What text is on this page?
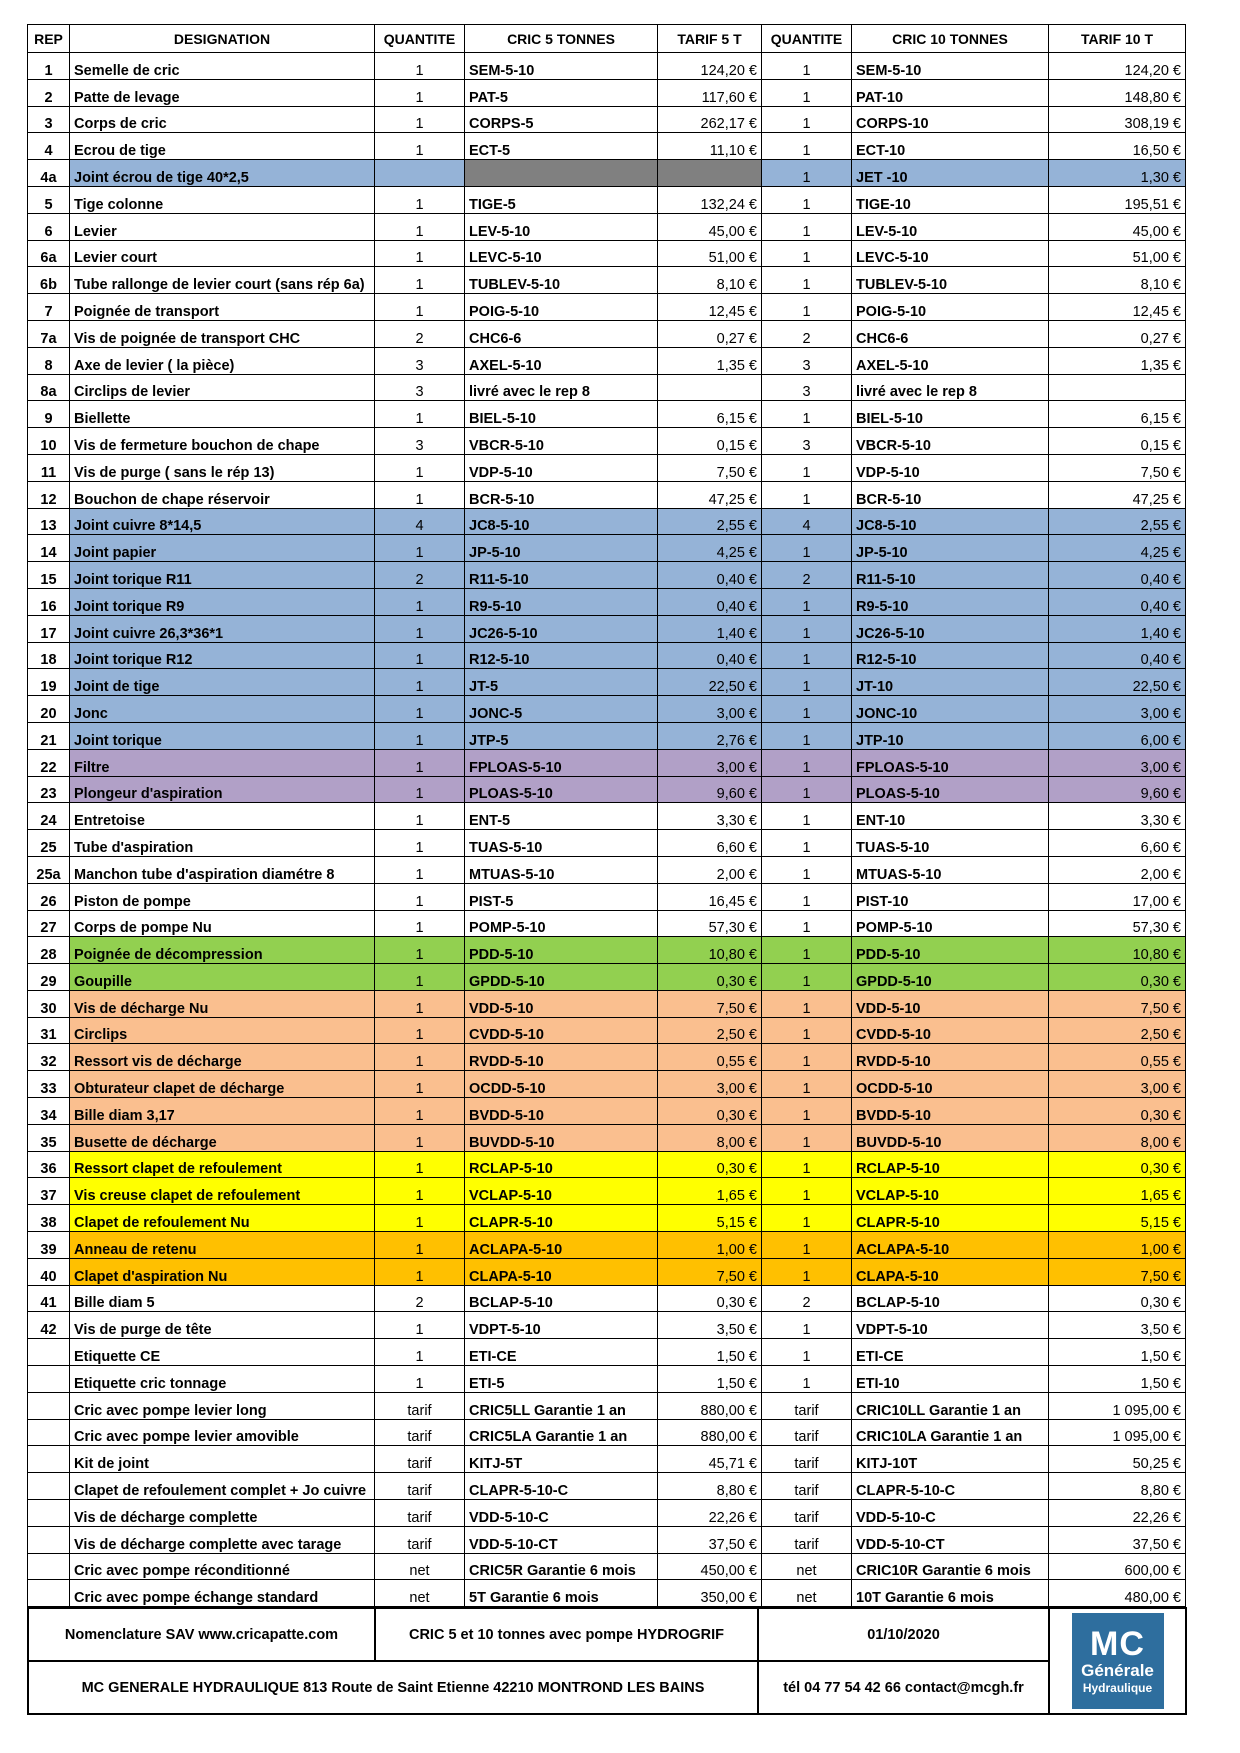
REP	DESIGNATION	QUANTITE	CRIC 5 TONNES	TARIF 5 T	QUANTITE	CRIC 10 TONNES	TARIF 10 T
1	Semelle de cric	1	SEM-5-10	124,20 €	1	SEM-5-10	124,20 €
2	Patte de levage	1	PAT-5	117,60 €	1	PAT-10	148,80 €
3	Corps de cric	1	CORPS-5	262,17 €	1	CORPS-10	308,19 €
4	Ecrou de tige	1	ECT-5	11,10 €	1	ECT-10	16,50 €
4a	Joint écrou de tige 40*2,5				1	JET -10	1,30 €
5	Tige colonne	1	TIGE-5	132,24 €	1	TIGE-10	195,51 €
6	Levier	1	LEV-5-10	45,00 €	1	LEV-5-10	45,00 €
6a	Levier court	1	LEVC-5-10	51,00 €	1	LEVC-5-10	51,00 €
6b	Tube rallonge de levier court (sans rép 6a)	1	TUBLEV-5-10	8,10 €	1	TUBLEV-5-10	8,10 €
7	Poignée de transport	1	POIG-5-10	12,45 €	1	POIG-5-10	12,45 €
7a	Vis de poignée de transport CHC	2	CHC6-6	0,27 €	2	CHC6-6	0,27 €
8	Axe de levier ( la pièce)	3	AXEL-5-10	1,35 €	3	AXEL-5-10	1,35 €
8a	Circlips de levier	3	livré avec le rep 8		3	livré avec le rep 8	
9	Biellette	1	BIEL-5-10	6,15 €	1	BIEL-5-10	6,15 €
10	Vis de fermeture bouchon de chape	3	VBCR-5-10	0,15 €	3	VBCR-5-10	0,15 €
11	Vis de purge ( sans le rép 13)	1	VDP-5-10	7,50 €	1	VDP-5-10	7,50 €
12	Bouchon de chape réservoir	1	BCR-5-10	47,25 €	1	BCR-5-10	47,25 €
13	Joint cuivre 8*14,5	4	JC8-5-10	2,55 €	4	JC8-5-10	2,55 €
14	Joint papier	1	JP-5-10	4,25 €	1	JP-5-10	4,25 €
15	Joint torique R11	2	R11-5-10	0,40 €	2	R11-5-10	0,40 €
16	Joint torique R9	1	R9-5-10	0,40 €	1	R9-5-10	0,40 €
17	Joint cuivre 26,3*36*1	1	JC26-5-10	1,40 €	1	JC26-5-10	1,40 €
18	Joint torique R12	1	R12-5-10	0,40 €	1	R12-5-10	0,40 €
19	Joint de tige	1	JT-5	22,50 €	1	JT-10	22,50 €
20	Jonc	1	JONC-5	3,00 €	1	JONC-10	3,00 €
21	Joint torique	1	JTP-5	2,76 €	1	JTP-10	6,00 €
22	Filtre	1	FPLOAS-5-10	3,00 €	1	FPLOAS-5-10	3,00 €
23	Plongeur d'aspiration	1	PLOAS-5-10	9,60 €	1	PLOAS-5-10	9,60 €
24	Entretoise	1	ENT-5	3,30 €	1	ENT-10	3,30 €
25	Tube d'aspiration	1	TUAS-5-10	6,60 €	1	TUAS-5-10	6,60 €
25a	Manchon tube d'aspiration diamétre 8	1	MTUAS-5-10	2,00 €	1	MTUAS-5-10	2,00 €
26	Piston de pompe	1	PIST-5	16,45 €	1	PIST-10	17,00 €
27	Corps de pompe Nu	1	POMP-5-10	57,30 €	1	POMP-5-10	57,30 €
28	Poignée de décompression	1	PDD-5-10	10,80 €	1	PDD-5-10	10,80 €
29	Goupille	1	GPDD-5-10	0,30 €	1	GPDD-5-10	0,30 €
30	Vis de décharge Nu	1	VDD-5-10	7,50 €	1	VDD-5-10	7,50 €
31	Circlips	1	CVDD-5-10	2,50 €	1	CVDD-5-10	2,50 €
32	Ressort vis de décharge	1	RVDD-5-10	0,55 €	1	RVDD-5-10	0,55 €
33	Obturateur clapet de décharge	1	OCDD-5-10	3,00 €	1	OCDD-5-10	3,00 €
34	Bille diam 3,17	1	BVDD-5-10	0,30 €	1	BVDD-5-10	0,30 €
35	Busette de décharge	1	BUVDD-5-10	8,00 €	1	BUVDD-5-10	8,00 €
36	Ressort clapet de refoulement	1	RCLAP-5-10	0,30 €	1	RCLAP-5-10	0,30 €
37	Vis creuse clapet de refoulement	1	VCLAP-5-10	1,65 €	1	VCLAP-5-10	1,65 €
38	Clapet de refoulement Nu	1	CLAPR-5-10	5,15 €	1	CLAPR-5-10	5,15 €
39	Anneau de retenu	1	ACLAPA-5-10	1,00 €	1	ACLAPA-5-10	1,00 €
40	Clapet d'aspiration Nu	1	CLAPA-5-10	7,50 €	1	CLAPA-5-10	7,50 €
41	Bille diam 5	2	BCLAP-5-10	0,30 €	2	BCLAP-5-10	0,30 €
42	Vis de purge de tête	1	VDPT-5-10	3,50 €	1	VDPT-5-10	3,50 €
	Etiquette CE	1	ETI-CE	1,50 €	1	ETI-CE	1,50 €
	Etiquette cric tonnage	1	ETI-5	1,50 €	1	ETI-10	1,50 €
	Cric avec pompe levier long	tarif	CRIC5LL Garantie 1 an	880,00 €	tarif	CRIC10LL Garantie 1 an	1 095,00 €
	Cric avec pompe levier amovible	tarif	CRIC5LA Garantie 1 an	880,00 €	tarif	CRIC10LA Garantie 1 an	1 095,00 €
	Kit de joint	tarif	KITJ-5T	45,71 €	tarif	KITJ-10T	50,25 €
	Clapet de refoulement complet + Jo cuivre	tarif	CLAPR-5-10-C	8,80 €	tarif	CLAPR-5-10-C	8,80 €
	Vis de décharge complette	tarif	VDD-5-10-C	22,26 €	tarif	VDD-5-10-C	22,26 €
	Vis de décharge complette avec tarage	tarif	VDD-5-10-CT	37,50 €	tarif	VDD-5-10-CT	37,50 €
	Cric avec pompe réconditionné	net	CRIC5R Garantie 6 mois	450,00 €	net	CRIC10R Garantie 6 mois	600,00 €
	Cric avec pompe échange standard	net	5T Garantie 6 mois	350,00 €	net	10T Garantie 6 mois	480,00 €
Nomenclature SAV www.cricapatte.com	CRIC 5 et 10 tonnes avec pompe HYDROGRIF	01/10/2020	MC
Générale
Hydraulique

MC GENERALE HYDRAULIQUE 813 Route de Saint Etienne 42210 MONTROND LES BAINS		tél 04 77 54 42 66 contact@mcgh.fr	
